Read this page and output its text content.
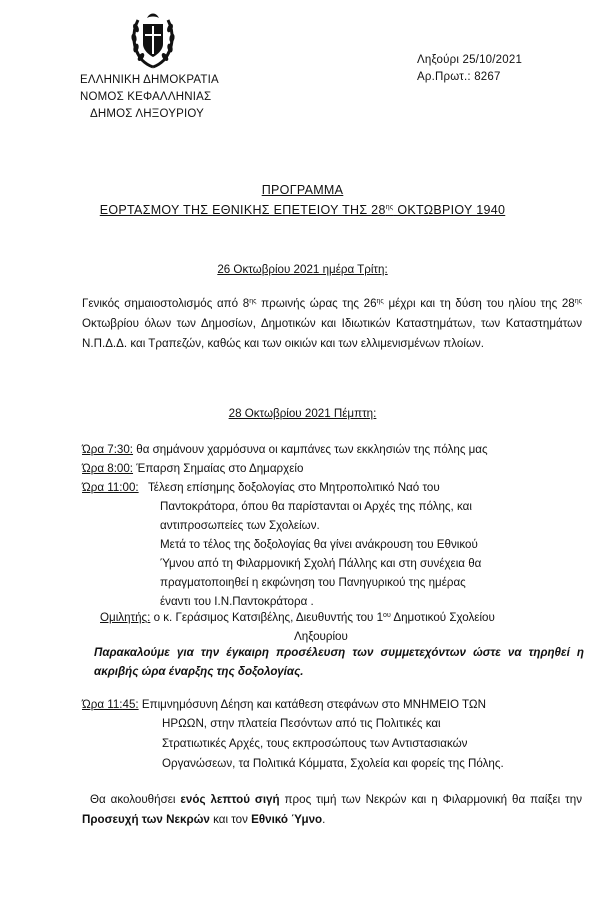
ΕΛΛΗΝΙΚΗ ΔΗΜΟΚΡΑΤΙΑ
ΝΟΜΟΣ ΚΕΦΑΛΛΗΝΙΑΣ
ΔΗΜΟΣ ΛΗΞΟΥΡΙΟΥ
Ληξούρι 25/10/2021
Αρ.Πρωτ.: 8267
ΠΡΟΓΡΑΜΜΑ
ΕΟΡΤΑΣΜΟΥ ΤΗΣ ΕΘΝΙΚΗΣ ΕΠΕΤΕΙΟΥ ΤΗΣ $28^{\eta\varsigma}$ ΟΚΤΩΒΡΙΟΥ 1940
26 Οκτωβρίου 2021 ημέρα Τρίτη:
Γενικός σημαιοστολισμός από $8^{\eta\varsigma}$ πρωινής ώρας της $26^{\eta\varsigma}$ μέχρι και τη δύση του ηλίου της $28^{\eta\varsigma}$ Οκτωβρίου όλων των Δημοσίων, Δημοτικών και Ιδιωτικών Καταστημάτων, των Καταστημάτων Ν.Π.Δ.Δ. και Τραπεζών, καθώς και των οικιών και των ελλιμενισμένων πλοίων.
28 Οκτωβρίου 2021 Πέμπτη:
Ώρα 7:30: θα σημάνουν χαρμόσυνα οι καμπάνες των εκκλησιών της πόλης μας
Ώρα 8:00: Έπαρση Σημαίας στο Δημαρχείο
Ώρα 11:00: Τέλεση επίσημης δοξολογίας στο Μητροπολιτικό Ναό του
Παντοκράτορα, όπου θα παρίστανται οι Αρχές της πόλης, και
αντιπροσωπείες των Σχολείων.
Μετά το τέλος της δοξολογίας θα γίνει ανάκρουση του Εθνικού
Ύμνου από τη Φιλαρμονική Σχολή Πάλλης και στη συνέχεια θα
πραγματοποιηθεί η εκφώνηση του Πανηγυρικού της ημέρας
έναντι του Ι.Ν.Παντοκράτορα .
Ομιλητής: ο κ. Γεράσιμος Κατσιβέλης, Διευθυντής του $1^{o\upsilon}$ Δημοτικού Σχολείου
Ληξουρίου
Παρακαλούμε για την έγκαιρη προσέλευση των συμμετεχόντων ώστε να τηρηθεί η ακριβής ώρα έναρξης της δοξολογίας.
Ώρα 11:45: Επιμνημόσυνη Δέηση και κατάθεση στεφάνων στο ΜΝΗΜΕΙΟ ΤΩΝ
ΗΡΩΩΝ, στην πλατεία Πεσόντων από τις Πολιτικές και
Στρατιωτικές Αρχές, τους εκπροσώπους των Αντιστασιακών
Οργανώσεων, τα Πολιτικά Κόμματα, Σχολεία και φορείς της Πόλης.
Θα ακολουθήσει ενός λεπτού σιγή προς τιμή των Νεκρών και η Φιλαρμονική θα παίξει την Προσευχή των Νεκρών και τον Εθνικό Ύμνο.
